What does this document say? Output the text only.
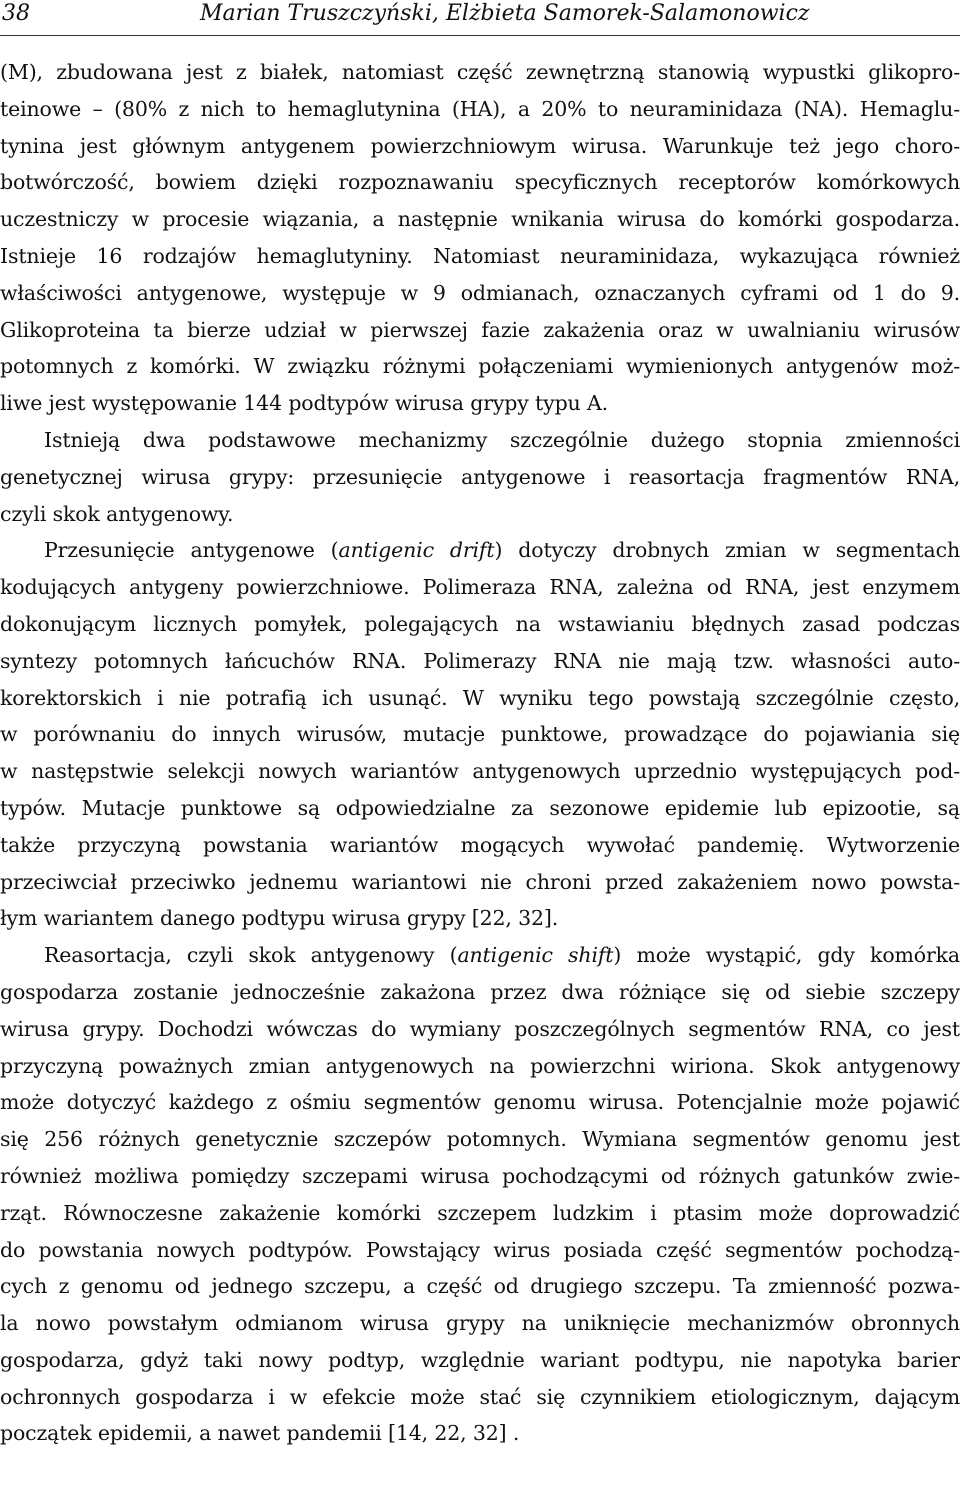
38	Marian Truszczyński, Elżbieta Samorek-Salamonowicz
(M), zbudowana jest z białek, natomiast część zewnętrzną stanowią wypustki glikopro-
teinowe – (80% z nich to hemaglutynina (HA), a 20% to neuraminidaza (NA). Hemaglu-
tynina jest głównym antygenem powierzchniowym wirusa. Warunkuje też jego choro-
botwórczość, bowiem dzięki rozpoznawaniu specyficznych receptorów komórkowych
uczestniczy w procesie wiązania, a następnie wnikania wirusa do komórki gospodarza.
Istnieje 16 rodzajów hemaglutyniny. Natomiast neuraminidaza, wykazująca również
właściwości antygenowe, występuje w 9 odmianach, oznaczanych cyframi od 1 do 9.
Glikoproteina ta bierze udział w pierwszej fazie zakażenia oraz w uwalnianiu wirusów
potomnych z komórki. W związku różnymi połączeniami wymienionych antygenów moż-
liwe jest występowanie 144 podtypów wirusa grypy typu A.
Istnieją dwa podstawowe mechanizmy szczególnie dużego stopnia zmienności
genetycznej wirusa grypy: przesunięcie antygenowe i reasortacja fragmentów RNA,
czyli skok antygenowy.
Przesunięcie antygenowe (antigenic drift) dotyczy drobnych zmian w segmentach
kodujących antygeny powierzchniowe. Polimeraza RNA, zależna od RNA, jest enzymem
dokonującym licznych pomyłek, polegających na wstawianiu błędnych zasad podczas
syntezy potomnych łańcuchów RNA. Polimerazy RNA nie mają tzw. własności auto-
korektorskich i nie potrafią ich usunąć. W wyniku tego powstają szczególnie często,
w porównaniu do innych wirusów, mutacje punktowe, prowadzące do pojawiania się
w następstwie selekcji nowych wariantów antygenowych uprzednio występujących pod-
typów. Mutacje punktowe są odpowiedzialne za sezonowe epidemie lub epizootie, są
także przyczyną powstania wariantów mogących wywołać pandemię. Wytworzenie
przeciwciał przeciwko jednemu wariantowi nie chroni przed zakażeniem nowo powsta-
łym wariantem danego podtypu wirusa grypy [22, 32].
Reasortacja, czyli skok antygenowy (antigenic shift) może wystąpić, gdy komórka
gospodarza zostanie jednocześnie zakażona przez dwa różniące się od siebie szczepy
wirusa grypy. Dochodzi wówczas do wymiany poszczególnych segmentów RNA, co jest
przyczyną poważnych zmian antygenowych na powierzchni wiriona. Skok antygenowy
może dotyczyć każdego z ośmiu segmentów genomu wirusa. Potencjalnie może pojawić
się 256 różnych genetycznie szczepów potomnych. Wymiana segmentów genomu jest
również możliwa pomiędzy szczepami wirusa pochodzącymi od różnych gatunków zwie-
rząt. Równoczesne zakażenie komórki szczepem ludzkim i ptasim może doprowadzić
do powstania nowych podtypów. Powstający wirus posiada część segmentów pochodzą-
cych z genomu od jednego szczepu, a część od drugiego szczepu. Ta zmienność pozwa-
la nowo powstałym odmianom wirusa grypy na uniknięcie mechanizmów obronnych
gospodarza, gdyż taki nowy podtyp, względnie wariant podtypu, nie napotyka barier
ochronnych gospodarza i w efekcie może stać się czynnikiem etiologicznym, dającym
początek epidemii, a nawet pandemii [14, 22, 32] .
